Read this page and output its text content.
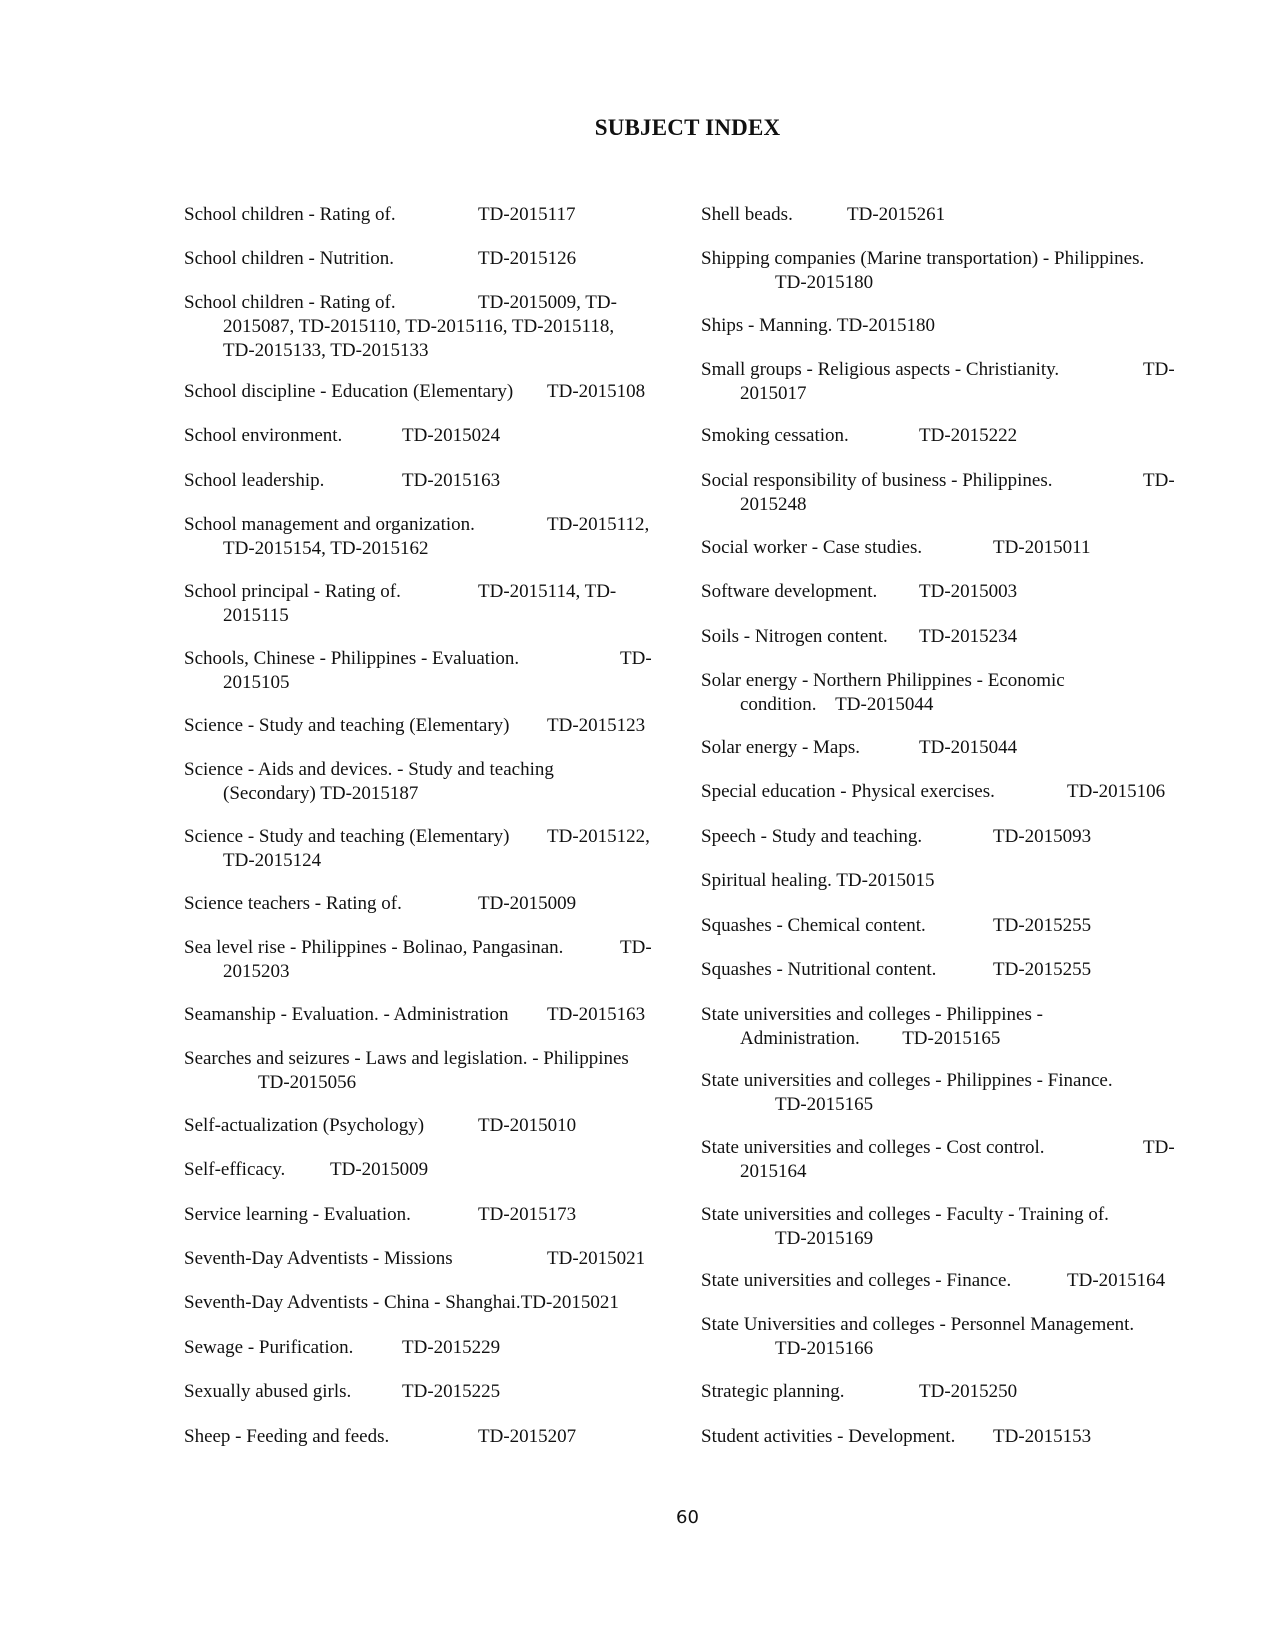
SUBJECT INDEX
School children - Rating of.	TD-2015117
School children - Nutrition.	TD-2015126
School children - Rating of.	TD-2015009, TD-
2015087, TD-2015110, TD-2015116, TD-2015118,
TD-2015133, TD-2015133
School discipline - Education (Elementary) TD-2015108
School environment.	TD-2015024
School leadership.	TD-2015163
School management and organization.	TD-2015112,
TD-2015154, TD-2015162
School principal - Rating of.	TD-2015114, TD-
2015115
Schools, Chinese - Philippines - Evaluation.	TD-
2015105
Science - Study and teaching (Elementary) TD-2015123
Science - Aids and devices. - Study and teaching
(Secondary) TD-2015187
Science - Study and teaching (Elementary) TD-2015122,
TD-2015124
Science teachers - Rating of.	TD-2015009
Sea level rise - Philippines - Bolinao, Pangasinan.	TD-
2015203
Seamanship - Evaluation. - Administration TD-2015163
Searches and seizures - Laws and legislation. - Philippines
TD-2015056
Self-actualization (Psychology)	TD-2015010
Self-efficacy. TD-2015009
Service learning - Evaluation.	TD-2015173
Seventh-Day Adventists - Missions	TD-2015021
Seventh-Day Adventists - China - Shanghai.TD-2015021
Sewage - Purification.	TD-2015229
Sexually abused girls.	TD-2015225
Sheep - Feeding and feeds.	TD-2015207
Shell beads.	TD-2015261
Shipping companies (Marine transportation) - Philippines.
TD-2015180
Ships - Manning. TD-2015180
Small groups - Religious aspects - Christianity.	TD-
2015017
Smoking cessation.	TD-2015222
Social responsibility of business - Philippines.	TD-
2015248
Social worker - Case studies.	TD-2015011
Software development. TD-2015003
Soils - Nitrogen content. TD-2015234
Solar energy - Northern Philippines - Economic
condition.    TD-2015044
Solar energy - Maps.	TD-2015044
Special education - Physical exercises.	TD-2015106
Speech - Study and teaching.	TD-2015093
Spiritual healing. TD-2015015
Squashes - Chemical content.	TD-2015255
Squashes - Nutritional content.	TD-2015255
State universities and colleges - Philippines -
Administration.         TD-2015165
State universities and colleges - Philippines - Finance.
TD-2015165
State universities and colleges - Cost control.	TD-
2015164
State universities and colleges - Faculty - Training of.
TD-2015169
State universities and colleges - Finance.	TD-2015164
State Universities and colleges - Personnel Management.
TD-2015166
Strategic planning.	TD-2015250
Student activities - Development. TD-2015153
60
